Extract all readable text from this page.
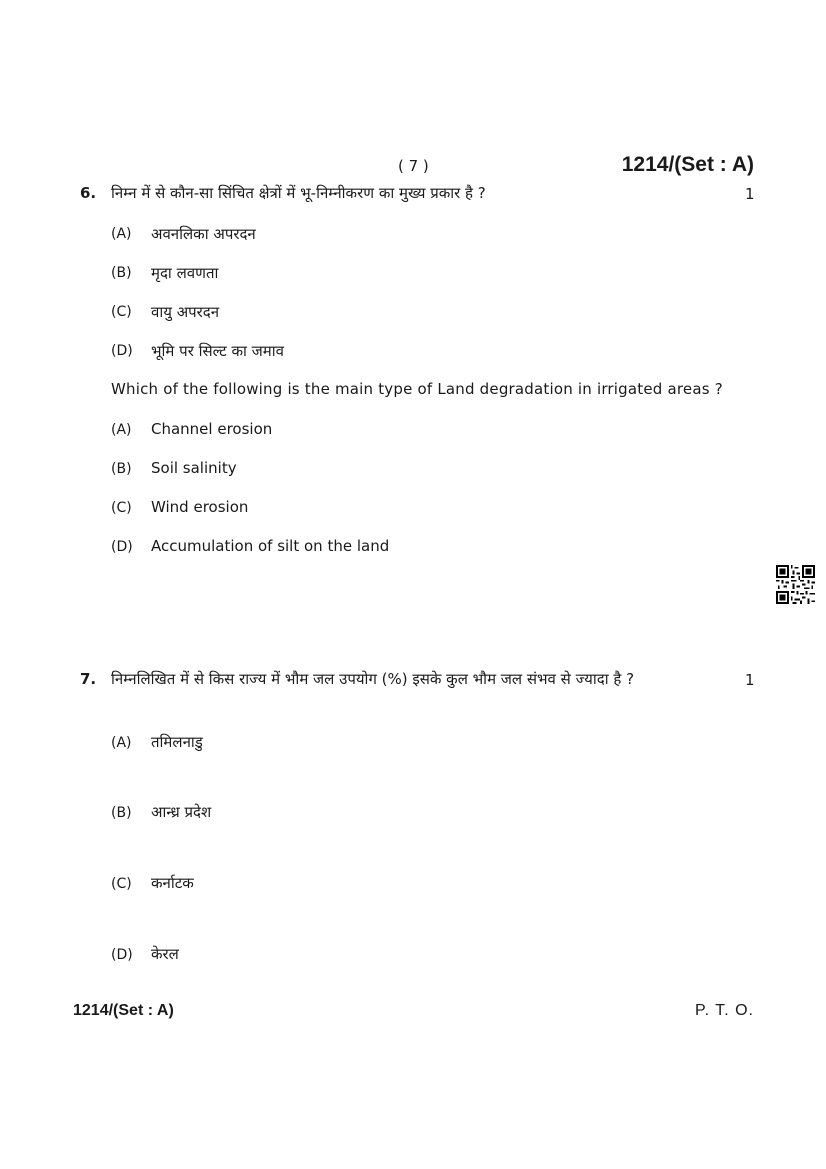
( 7 )	1214/(Set : A)
6. निम्न में से कौन-सा सिंचित क्षेत्रों में भू-निम्नीकरण का मुख्य प्रकार है ?	1
(A) अवनलिका अपरदन
(B) मृदा लवणता
(C) वायु अपरदन
(D) भूमि पर सिल्ट का जमाव
Which of the following is the main type of Land degradation in irrigated areas ?
(A) Channel erosion
(B) Soil salinity
(C) Wind erosion
(D) Accumulation of silt on the land
7. निम्नलिखित में से किस राज्य में भौम जल उपयोग (%) इसके कुल भौम जल संभव से ज्यादा है ?	1
(A) तमिलनाडु
(B) आन्ध्र प्रदेश
(C) कर्नाटक
(D) केरल
1214/(Set : A)	P. T. O.
